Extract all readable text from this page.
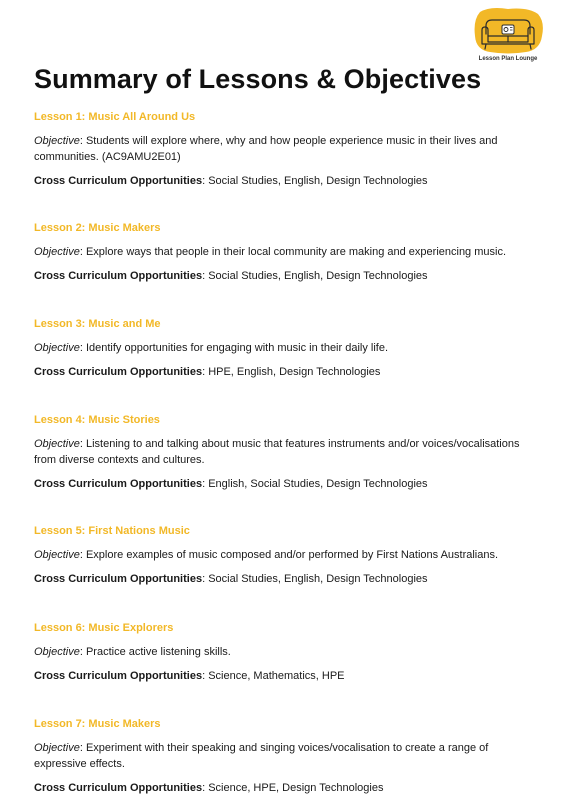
Lesson Plan Lounge
Summary of Lessons & Objectives

Lesson 1: Music All Around Us

Objective: Students will explore where, why and how people experience music in their lives and communities. (AC9AMU2E01)

Cross Curriculum Opportunities: Social Studies, English, Design Technologies

Lesson 2: Music Makers

Objective: Explore ways that people in their local community are making and experiencing music.

Cross Curriculum Opportunities: Social Studies, English, Design Technologies

Lesson 3: Music and Me

Objective: Identify opportunities for engaging with music in their daily life.

Cross Curriculum Opportunities: HPE, English, Design Technologies

Lesson 4: Music Stories

Objective: Listening to and talking about music that features instruments and/or voices/vocalisations from diverse contexts and cultures.

Cross Curriculum Opportunities: English, Social Studies, Design Technologies

Lesson 5: First Nations Music

Objective: Explore examples of music composed and/or performed by First Nations Australians.

Cross Curriculum Opportunities: Social Studies, English, Design Technologies

Lesson 6: Music Explorers

Objective: Practice active listening skills.

Cross Curriculum Opportunities: Science, Mathematics, HPE

Lesson 7: Music Makers

Objective: Experiment with their speaking and singing voices/vocalisation to create a range of expressive effects.

Cross Curriculum Opportunities: Science, HPE, Design Technologies
